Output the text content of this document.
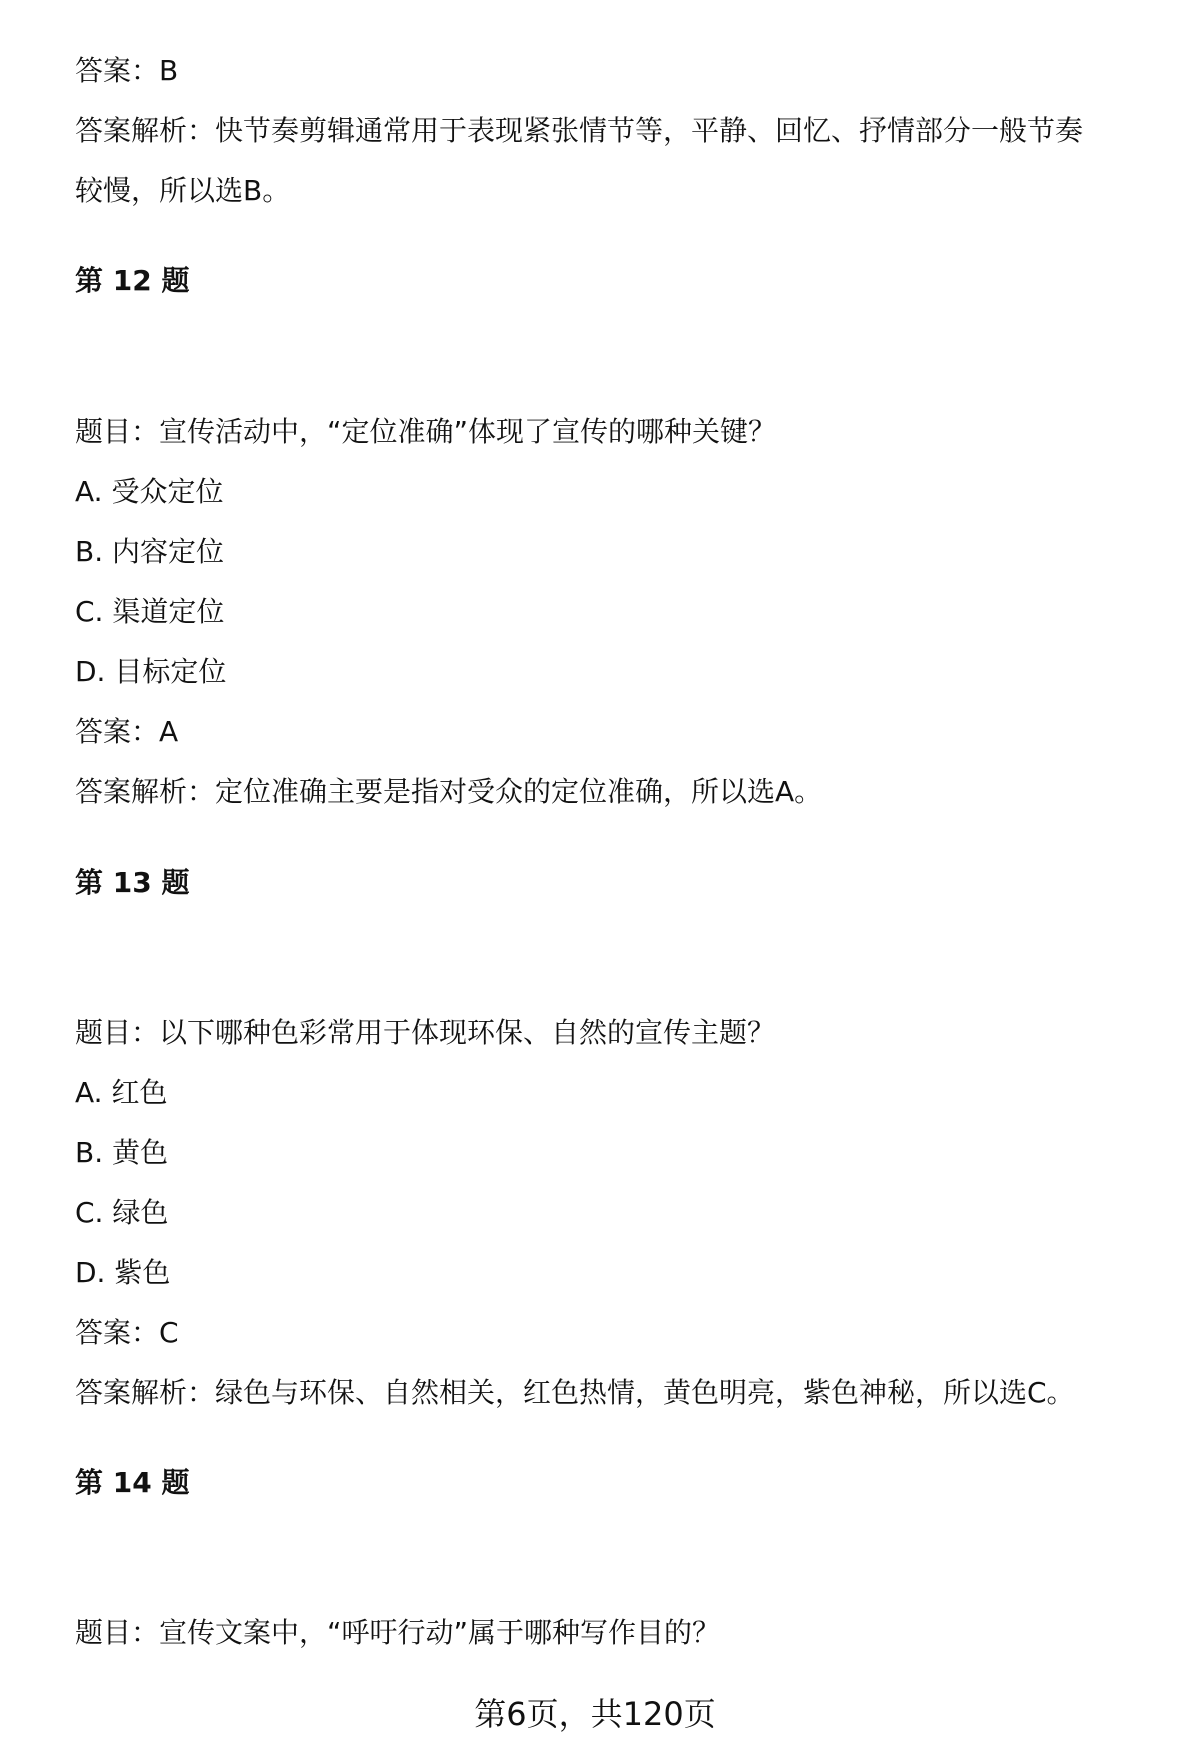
答案：B
答案解析：快节奏剪辑通常用于表现紧张情节等，平静、回忆、抒情部分一般节奏
较慢，所以选B。
第 12 题
题目：宣传活动中，“定位准确”体现了宣传的哪种关键？
A. 受众定位
B. 内容定位
C. 渠道定位
D. 目标定位
答案：A
答案解析：定位准确主要是指对受众的定位准确，所以选A。
第 13 题
题目：以下哪种色彩常用于体现环保、自然的宣传主题？
A. 红色
B. 黄色
C. 绿色
D. 紫色
答案：C
答案解析：绿色与环保、自然相关，红色热情，黄色明亮，紫色神秘，所以选C。
第 14 题
题目：宣传文案中，“呼吁行动”属于哪种写作目的？
第6页，共120页
